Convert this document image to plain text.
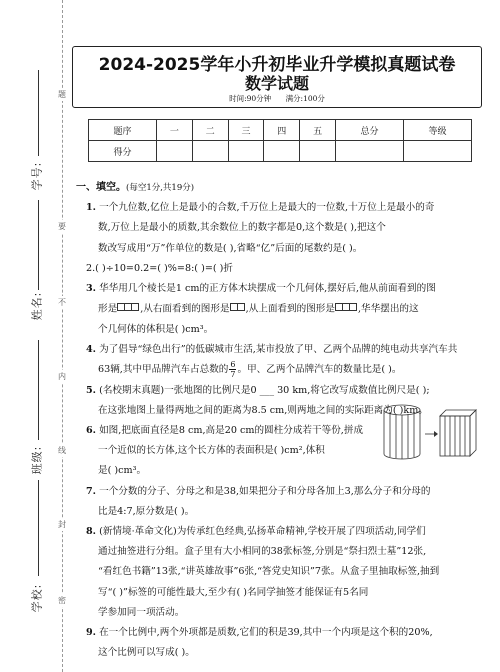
题
要
不
内
线
封
密
学号:
姓名:
班级:
学校:
2024-2025学年小升初毕业升学模拟真题试卷
数学试题
时间:90分钟 满分:100分
题序	一	二	三	四	五	总分	等级
得分							
一、填空。(每空1分,共19分)
1. 一个九位数,亿位上是最小的合数,千万位上是最大的一位数,十万位上是最小的奇
数,万位上是最小的质数,其余数位上的数字都是0,这个数是( ),把这个
数改写成用“万”作单位的数是( ),省略“亿”后面的尾数约是( )。
2.( )÷10=0.2=( )%=8:( )=( )折
3. 华华用几个棱长是1 cm的正方体木块摆成一个几何体,摆好后,他从前面看到的图
形是 ,从右面看到的图形是 ,从上面看到的图形是 ,华华摆出的这
个几何体的体积是( )cm³。
4. 为了倡导“绿色出行”的低碳城市生活,某市投放了甲、乙两个品牌的纯电动共享汽车共
63辆,其中甲品牌汽车占总数的 $\frac{6}{7}$ 。甲、乙两个品牌汽车的数量比是( )。
5. (名校期末真题)一张地图的比例尺是0 ___ 30 km,将它改写成数值比例尺是( );
在这张地图上量得两地之间的距离为8.5 cm,则两地之间的实际距离为( )km。
6. 如图,把底面直径是8 cm,高是20 cm的圆柱分成若干等份,拼成
一个近似的长方体,这个长方体的表面积是( )cm²,体积
是( )cm³。
7. 一个分数的分子、分母之和是38,如果把分子和分母各加上3,那么分子和分母的
比是4:7,原分数是( )。
8. (新情境·革命文化)为传承红色经典,弘扬革命精神,学校开展了四项活动,同学们
通过抽签进行分组。盒子里有大小相同的38张标签,分别是“祭扫烈士墓”12张,
“看红色书籍”13张,“讲英雄故事”6张,“答党史知识”7张。从盒子里抽取标签,抽到
写“( )”标签的可能性最大,至少有( )名同学抽签才能保证有5名同
学参加同一项活动。
9. 在一个比例中,两个外项都是质数,它们的积是39,其中一个内项是这个积的20%,
这个比例可以写成( )。
